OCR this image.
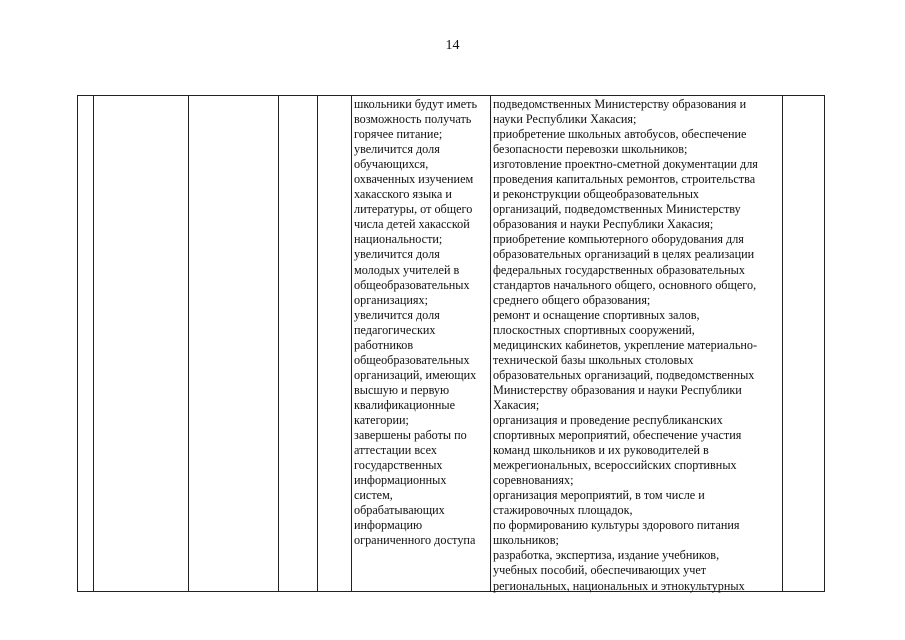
14
школьники будут иметь
возможность получать
горячее питание;
увеличится доля
обучающихся,
охваченных изучением
хакасского языка и
литературы, от общего
числа детей хакасской
национальности;
увеличится доля
молодых учителей в
общеобразовательных
организациях;
увеличится доля
педагогических
работников
общеобразовательных
организаций, имеющих
высшую и первую
квалификационные
категории;
завершены работы по
аттестации всех
государственных
информационных
систем,
обрабатывающих
информацию
ограниченного доступа
подведомственных Министерству образования и
науки Республики Хакасия;
приобретение школьных автобусов, обеспечение
безопасности перевозки школьников;
изготовление проектно-сметной документации для
проведения капитальных ремонтов, строительства
и реконструкции общеобразовательных
организаций, подведомственных Министерству
образования и науки Республики Хакасия;
приобретение компьютерного оборудования для
образовательных организаций в целях реализации
федеральных государственных образовательных
стандартов начального общего, основного общего,
среднего общего образования;
ремонт и оснащение спортивных залов,
плоскостных спортивных сооружений,
медицинских кабинетов, укрепление материально-
технической базы школьных столовых
образовательных организаций, подведомственных
Министерству образования и науки Республики
Хакасия;
организация и проведение республиканских
спортивных мероприятий, обеспечение участия
команд школьников и их руководителей в
межрегиональных, всероссийских спортивных
соревнованиях;
организация мероприятий, в том числе и
стажировочных площадок,
по формированию культуры здорового питания
школьников;
разработка, экспертиза, издание учебников,
учебных пособий, обеспечивающих учет
региональных, национальных и этнокультурных
